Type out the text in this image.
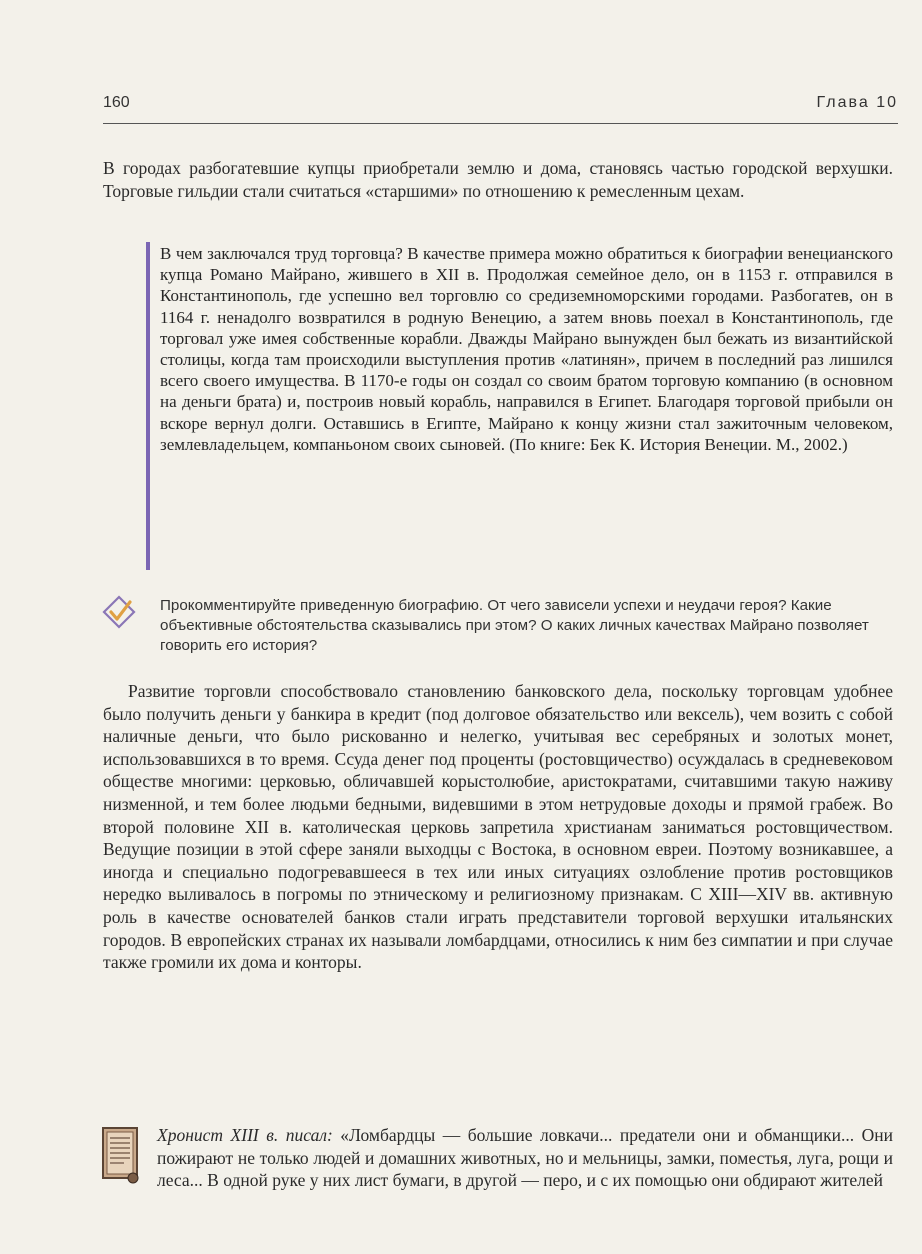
160	Глава 10

В городах разбогатевшие купцы приобретали землю и дома, становясь частью городской верхушки. Торговые гильдии стали считаться «старшими» по отношению к ремесленным цехам.

В чем заключался труд торговца? В качестве примера можно обратиться к биографии венецианского купца Романо Майрано, жившего в XII в. Продолжая семейное дело, он в 1153 г. отправился в Константинополь, где успешно вел торговлю со средиземноморскими городами. Разбогатев, он в 1164 г. ненадолго возвратился в родную Венецию, а затем вновь поехал в Константинополь, где торговал уже имея собственные корабли. Дважды Майрано вынужден был бежать из византийской столицы, когда там происходили выступления против «латинян», причем в последний раз лишился всего своего имущества. В 1170-е годы он создал со своим братом торговую компанию (в основном на деньги брата) и, построив новый корабль, направился в Египет. Благодаря торговой прибыли он вскоре вернул долги. Оставшись в Египте, Майрано к концу жизни стал зажиточным человеком, землевладельцем, компаньоном своих сыновей. (По книге: Бек К. История Венеции. М., 2002.)

Прокомментируйте приведенную биографию. От чего зависели успехи и неудачи героя? Какие объективные обстоятельства сказывались при этом? О каких личных качествах Майрано позволяет говорить его история?

Развитие торговли способствовало становлению банковского дела, поскольку торговцам удобнее было получить деньги у банкира в кредит (под долговое обязательство или вексель), чем возить с собой наличные деньги, что было рискованно и нелегко, учитывая вес серебряных и золотых монет, использовавшихся в то время. Ссуда денег под проценты (ростовщичество) осуждалась в средневековом обществе многими: церковью, обличавшей корыстолюбие, аристократами, считавшими такую наживу низменной, и тем более людьми бедными, видевшими в этом нетрудовые доходы и прямой грабеж. Во второй половине XII в. католическая церковь запретила христианам заниматься ростовщичеством. Ведущие позиции в этой сфере заняли выходцы с Востока, в основном евреи. Поэтому возникавшее, а иногда и специально подогревавшееся в тех или иных ситуациях озлобление против ростовщиков нередко выливалось в погромы по этническому и религиозному признакам. С XIII—XIV вв. активную роль в качестве основателей банков стали играть представители торговой верхушки итальянских городов. В европейских странах их называли ломбардцами, относились к ним без симпатии и при случае также громили их дома и конторы.

Хронист XIII в. писал: «Ломбардцы — большие ловкачи... предатели они и обманщики... Они пожирают не только людей и домашних животных, но и мельницы, замки, поместья, луга, рощи и леса... В одной руке у них лист бумаги, в другой — перо, и с их помощью они обдирают жителей
